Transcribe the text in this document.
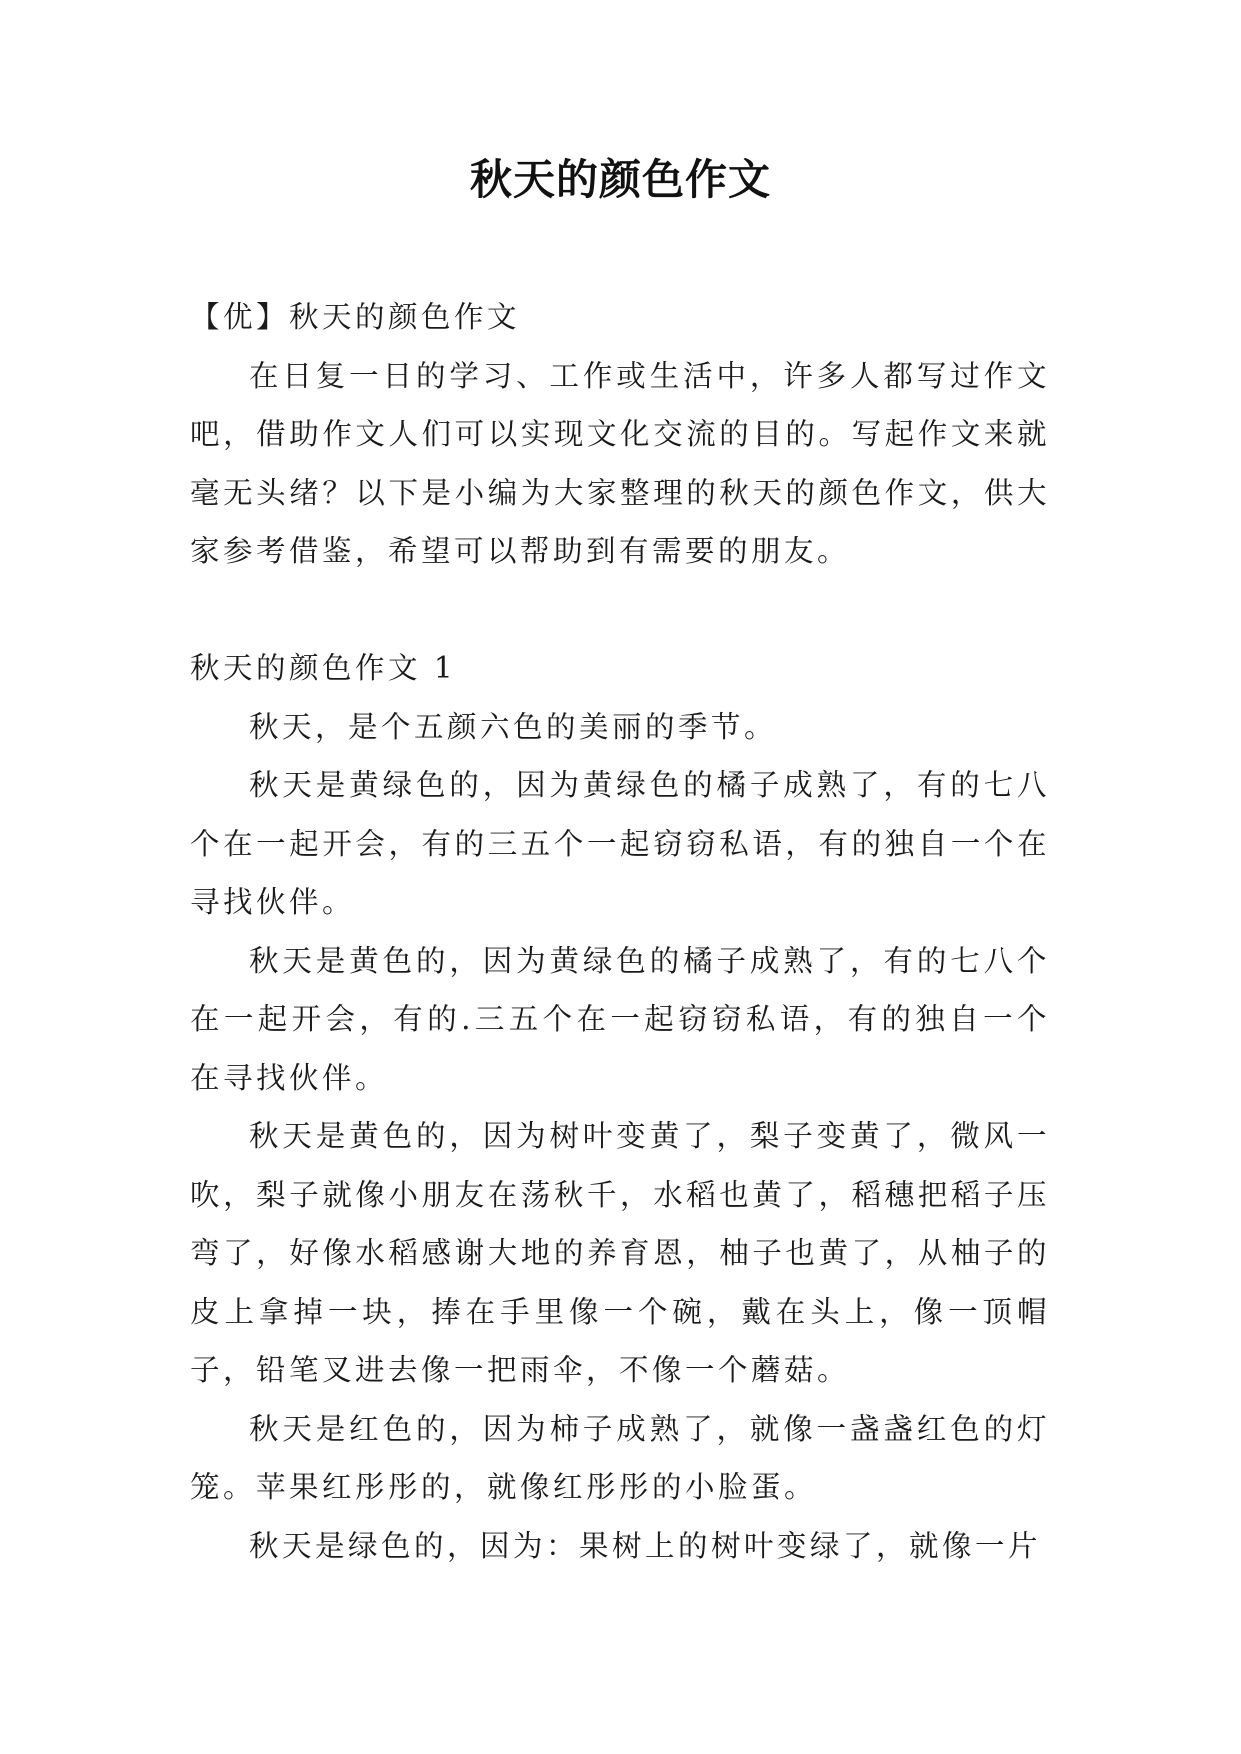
秋天的颜色作文

【优】秋天的颜色作文

在日复一日的学习、工作或生活中，许多人都写过作文吧，借助作文人们可以实现文化交流的目的。写起作文来就毫无头绪？以下是小编为大家整理的秋天的颜色作文，供大家参考借鉴，希望可以帮助到有需要的朋友。

秋天的颜色作文 1

秋天，是个五颜六色的美丽的季节。

秋天是黄绿色的，因为黄绿色的橘子成熟了，有的七八个在一起开会，有的三五个一起窃窃私语，有的独自一个在寻找伙伴。

秋天是黄色的，因为黄绿色的橘子成熟了，有的七八个在一起开会，有的.三五个在一起窃窃私语，有的独自一个在寻找伙伴。

秋天是黄色的，因为树叶变黄了，梨子变黄了，微风一吹，梨子就像小朋友在荡秋千，水稻也黄了，稻穗把稻子压弯了，好像水稻感谢大地的养育恩，柚子也黄了，从柚子的皮上拿掉一块，捧在手里像一个碗，戴在头上，像一顶帽子，铅笔叉进去像一把雨伞，不像一个蘑菇。

秋天是红色的，因为柿子成熟了，就像一盏盏红色的灯笼。苹果红彤彤的，就像红彤彤的小脸蛋。

秋天是绿色的，因为：果树上的树叶变绿了，就像一片
